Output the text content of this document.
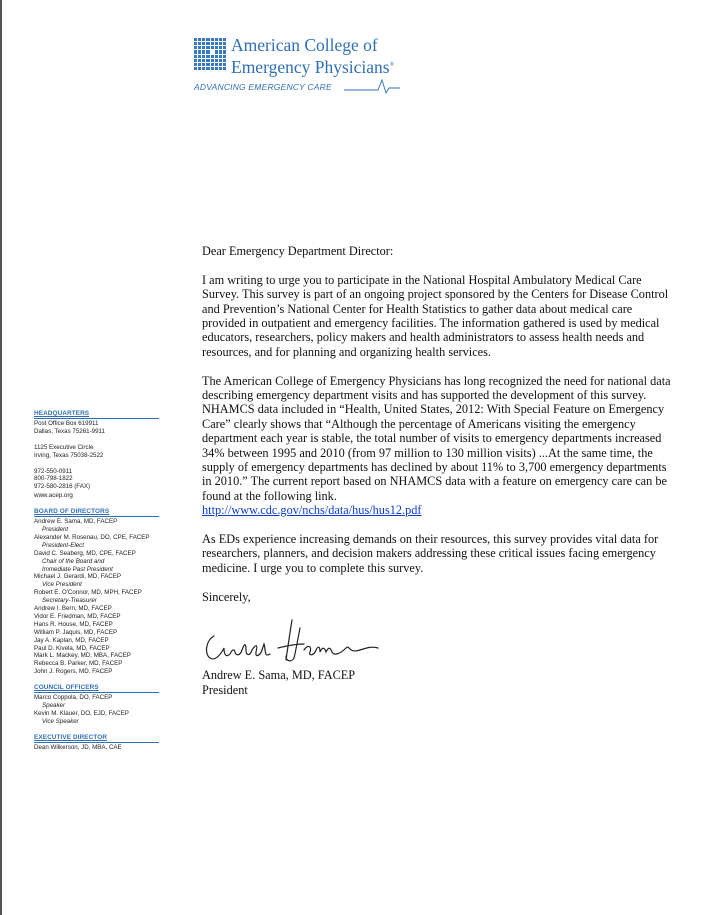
American College of
Emergency Physicians®
ADVANCING EMERGENCY CARE
HEADQUARTERS
Post Office Box 619911
Dallas, Texas 75261-9911
1125 Executive Circle
Irving, Texas 75038-2522
972-550-0911
800-798-1822
972-580-2816 (FAX)
www.acep.org
BOARD OF DIRECTORS
Andrew E. Sama, MD, FACEP
President
Alexander M. Rosenau, DO, CPE, FACEP
President-Elect
David C. Seaberg, MD, CPE, FACEP
Chair of the Board and
Immediate Past President
Michael J. Gerardi, MD, FACEP
Vice President
Robert E. O'Connor, MD, MPH, FACEP
Secretary-Treasurer
Andrew I. Bern, MD, FACEP
Vidor E. Friedman, MD, FACEP
Hans R. House, MD, FACEP
William P. Jaquis, MD, FACEP
Jay A. Kaplan, MD, FACEP
Paul D. Kivela, MD, FACEP
Mark L. Mackey, MD, MBA, FACEP
Rebecca B. Parker, MD, FACEP
John J. Rogers, MD, FACEP
COUNCIL OFFICERS
Marco Coppola, DO, FACEP
Speaker
Kevin M. Klauer, DO, EJD, FACEP
Vice Speaker
EXECUTIVE DIRECTOR
Dean Wilkerson, JD, MBA, CAE

Dear Emergency Department Director:

I am writing to urge you to participate in the National Hospital Ambulatory Medical Care Survey. This survey is part of an ongoing project sponsored by the Centers for Disease Control and Prevention’s National Center for Health Statistics to gather data about medical care provided in outpatient and emergency facilities. The information gathered is used by medical educators, researchers, policy makers and health administrators to assess health needs and resources, and for planning and organizing health services.

The American College of Emergency Physicians has long recognized the need for national data describing emergency department visits and has supported the development of this survey. NHAMCS data included in “Health, United States, 2012: With Special Feature on Emergency Care” clearly shows that “Although the percentage of Americans visiting the emergency department each year is stable, the total number of visits to emergency departments increased 34% between 1995 and 2010 (from 97 million to 130 million visits) ...At the same time, the supply of emergency departments has declined by about 11% to 3,700 emergency departments in 2010.” The current report based on NHAMCS data with a feature on emergency care can be found at the following link.
http://www.cdc.gov/nchs/data/hus/hus12.pdf

As EDs experience increasing demands on their resources, this survey provides vital data for researchers, planners, and decision makers addressing these critical issues facing emergency medicine. I urge you to complete this survey.

Sincerely,
Andrew E. Sama, MD, FACEP
President
